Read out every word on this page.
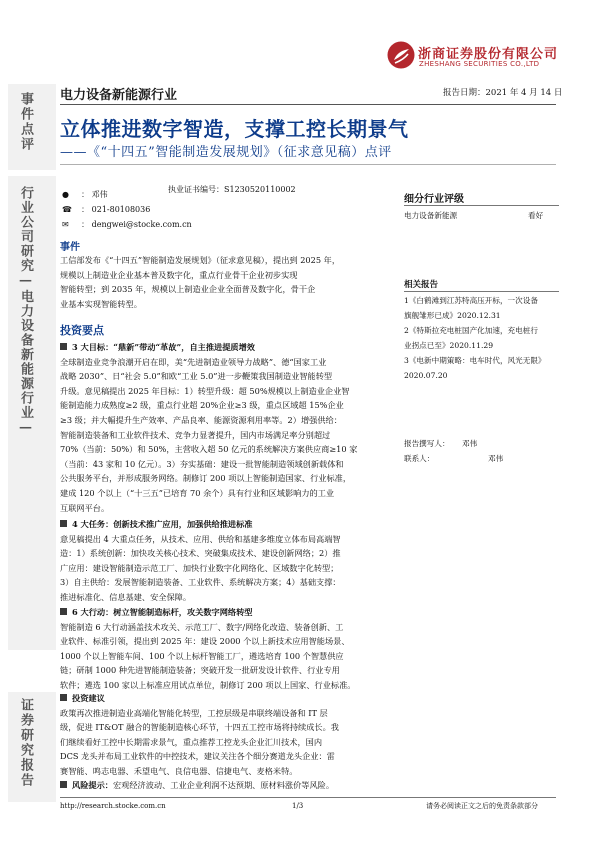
事件点评
行业公司研究—电力设备新能源行业—
证券研究报告
浙商证券股份有限公司
ZHESHANG SECURITIES CO.,LTD
电力设备新能源行业	报告日期：2021 年 4 月 14 日
立体推进数字智造，支撑工控长期景气
——《“十四五”智能制造发展规划》（征求意见稿）点评
● ： 邓伟
执业证书编号：S1230520110002
☎ ： 021-80108036
✉ ： dengwei@stocke.com.cn
细分行业评级
电力设备新能源	看好
相关报告
1《白鹤滩到江苏特高压开标，一次设备
旗舰雏形已成》2020.12.31
2《特斯拉充电桩国产化加速，充电桩行
业拐点已至》2020.11.29
3《电新中期策略：电车时代，风光无限》
2020.07.20
报告撰写人： 邓伟
联系人：	邓伟
事件
工信部发布《“十四五”智能制造发展规划》（征求意见稿），提出到 2025 年，
规模以上制造业企业基本普及数字化，重点行业骨干企业初步实现
智能转型；到 2035 年，规模以上制造业企业全面普及数字化，骨干企
业基本实现智能转型。
投资要点
3 大目标：“鼎新”带动“革故”，自主推进提质增效
全球制造业竞争浪潮开启在即，美“先进制造业领导力战略”、德“国家工业
战略 2030”、日“社会 5.0”和欧“工业 5.0”进一步鞭策我国制造业智能转型
升级。意见稿提出 2025 年目标：1）转型升级：超 50%规模以上制造业企业智
能制造能力成熟度≥2 级，重点行业超 20%企业≥3 级，重点区域超 15%企业
≥3 级；并大幅提升生产效率、产品良率、能源资源利用率等。2）增强供给：
智能制造装备和工业软件技术、竞争力显著提升，国内市场满足率分别超过
70%（当前：50%）和 50%，主营收入超 50 亿元的系统解决方案供应商≥10 家
（当前：43 家和 10 亿元）。3）夯实基础：建设一批智能制造领域创新载体和
公共服务平台，并形成服务网络。制修订 200 项以上智能制造国家、行业标准，
建成 120 个以上（“十三五”已培育 70 余个）具有行业和区域影响力的工业
互联网平台。
4 大任务：创新技术推广应用，加强供给推进标准
意见稿提出 4 大重点任务，从技术、应用、供给和基建多维度立体布局高端智
造：1）系统创新：加快攻关核心技术、突破集成技术、建设创新网络；2）推
广应用：建设智能制造示范工厂、加快行业数字化网络化、区域数字化转型；
3）自主供给：发展智能制造装备、工业软件、系统解决方案；4）基础支撑：
推进标准化、信息基建、安全保障。
6 大行动：树立智能制造标杆，攻关数字网络转型
智能制造 6 大行动涵盖技术攻关、示范工厂、数字/网络化改造、装备创新、工
业软件、标准引领，提出到 2025 年：建设 2000 个以上新技术应用智能场景、
1000 个以上智能车间、100 个以上标杆智能工厂，遴选培育 100 个智慧供应
链；研制 1000 种先进智能制造装备；突破开发一批研发设计软件、行业专用
软件；遴选 100 家以上标准应用试点单位，制修订 200 项以上国家、行业标准。
投资建议
政策再次推进制造业高端化智能化转型，工控层级是串联终端设备和 IT 层
级，促进 IT&OT 融合的智能制造核心环节，十四五工控市场将持续成长。我
们继续看好工控中长期需求景气，重点推荐工控龙头企业汇川技术，国内
DCS 龙头并布局工业软件的中控技术，建议关注各个细分赛道龙头企业：雷
赛智能、鸣志电器、禾望电气、良信电器、信捷电气、麦格米特。
风险提示：宏观经济波动、工业企业利润不达预期、原材料涨价等风险。
http://research.stocke.com.cn	1/3	请务必阅读正文之后的免责条款部分
